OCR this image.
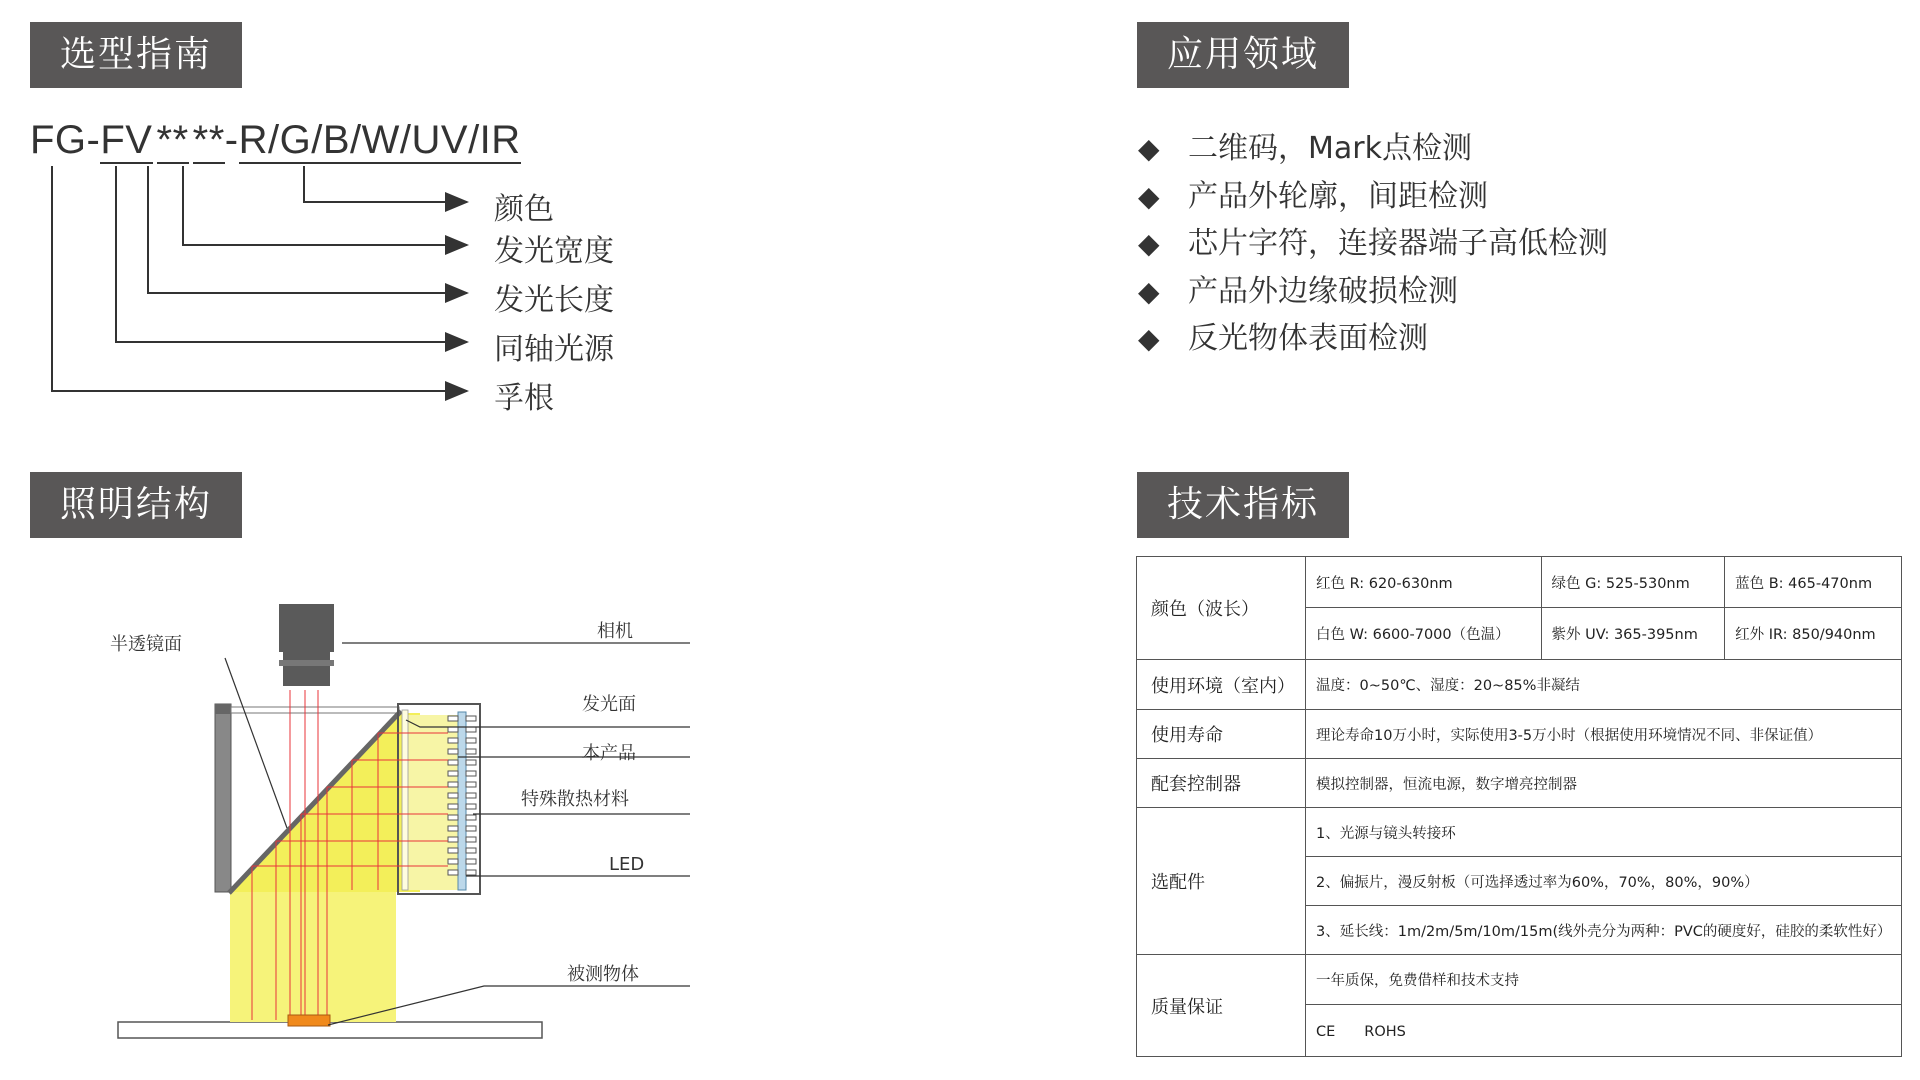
选型指南	应用领域
照明结构	技术指标
FG-FV ** **-R/G/B/W/UV/IR
颜色
发光宽度
发光长度
同轴光源
孚根
◆ 二维码，Mark点检测
◆ 产品外轮廓，间距检测
◆ 芯片字符，连接器端子高低检测
◆ 产品外边缘破损检测
◆ 反光物体表面检测
半透镜面
相机
发光面
本产品
特殊散热材料
LED
被测物体
颜色（波长）	红色 R: 620-630nm	绿色 G: 525-530nm	蓝色 B: 465-470nm
	白色 W: 6600-7000（色温）	紫外 UV: 365-395nm	红外 IR: 850/940nm
使用环境（室内）	温度：0~50℃、湿度：20~85%非凝结		
使用寿命	理论寿命10万小时，实际使用3-5万小时（根据使用环境情况不同、非保证值）		
配套控制器	模拟控制器，恒流电源，数字增亮控制器		
选配件	1、光源与镜头转接环		
	2、偏振片，漫反射板（可选择透过率为60%，70%，80%，90%）		
	3、延长线：1m/2m/5m/10m/15m(线外壳分为两种：PVC的硬度好，硅胶的柔软性好）		
质量保证	一年质保，免费借样和技术支持		
	CE　　ROHS		
